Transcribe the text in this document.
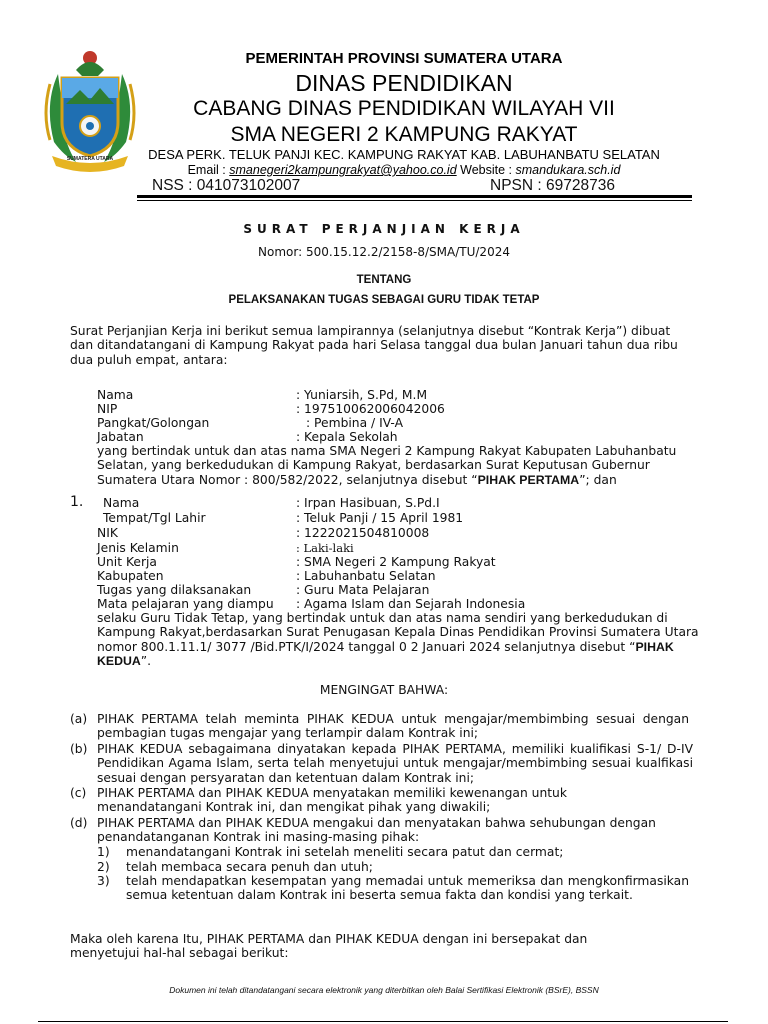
SUMATERA UTARA
PEMERINTAH PROVINSI SUMATERA UTARA
DINAS PENDIDIKAN
CABANG DINAS PENDIDIKAN WILAYAH VII
SMA NEGERI 2 KAMPUNG RAKYAT
DESA PERK. TELUK PANJI KEC. KAMPUNG RAKYAT KAB. LABUHANBATU SELATAN
Email : smanegeri2kampungrakyat@yahoo.co.id Website : smandukara.sch.id
NSS : 041073102007	NPSN : 69728736
SURAT PERJANJIAN KERJA
Nomor: 500.15.12.2/2158-8/SMA/TU/2024
TENTANG
PELAKSANAKAN TUGAS SEBAGAI GURU TIDAK TETAP
Surat Perjanjian Kerja ini berikut semua lampirannya (selanjutnya disebut “Kontrak Kerja”) dibuat dan ditandatangani di Kampung Rakyat pada hari Selasa tanggal dua bulan Januari tahun dua ribu dua puluh empat, antara:
Nama	: Yuniarsih, S.Pd, M.M
NIP	: 197510062006042006
Pangkat/Golongan	: Pembina / IV-A
Jabatan	: Kepala Sekolah
yang bertindak untuk dan atas nama SMA Negeri 2 Kampung Rakyat Kabupaten Labuhanbatu Selatan, yang berkedudukan di Kampung Rakyat, berdasarkan Surat Keputusan Gubernur Sumatera Utara Nomor : 800/582/2022, selanjutnya disebut “PIHAK PERTAMA”; dan
1. Nama	: Irpan Hasibuan, S.Pd.I
Tempat/Tgl Lahir	: Teluk Panji / 15 April 1981
NIK	: 1222021504810008
Jenis Kelamin	: Laki-laki
Unit Kerja	: SMA Negeri 2 Kampung Rakyat
Kabupaten	: Labuhanbatu Selatan
Tugas yang dilaksanakan	: Guru Mata Pelajaran
Mata pelajaran yang diampu : Agama Islam dan Sejarah Indonesia
selaku Guru Tidak Tetap, yang bertindak untuk dan atas nama sendiri yang berkedudukan di Kampung Rakyat,berdasarkan Surat Penugasan Kepala Dinas Pendidikan Provinsi Sumatera Utara nomor 800.1.11.1/ 3077 /Bid.PTK/I/2024 tanggal 0 2 Januari 2024 selanjutnya disebut “PIHAK KEDUA”.
MENGINGAT BAHWA:
(a) PIHAK PERTAMA telah meminta PIHAK KEDUA untuk mengajar/membimbing sesuai dengan pembagian tugas mengajar yang terlampir dalam Kontrak ini;
(b) PIHAK KEDUA sebagaimana dinyatakan kepada PIHAK PERTAMA, memiliki kualifikasi S-1/ D-IV Pendidikan Agama Islam, serta telah menyetujui untuk mengajar/membimbing sesuai kualfikasi sesuai dengan persyaratan dan ketentuan dalam Kontrak ini;
(c) PIHAK PERTAMA dan PIHAK KEDUA menyatakan memiliki kewenangan untuk menandatangani Kontrak ini, dan mengikat pihak yang diwakili;
(d) PIHAK PERTAMA dan PIHAK KEDUA mengakui dan menyatakan bahwa sehubungan dengan penandatanganan Kontrak ini masing-masing pihak:
1) menandatangani Kontrak ini setelah meneliti secara patut dan cermat;
2) telah membaca secara penuh dan utuh;
3) telah mendapatkan kesempatan yang memadai untuk memeriksa dan mengkonfirmasikan semua ketentuan dalam Kontrak ini beserta semua fakta dan kondisi yang terkait.
Maka oleh karena Itu, PIHAK PERTAMA dan PIHAK KEDUA dengan ini bersepakat dan menyetujui hal-hal sebagai berikut:
Dokumen ini telah ditandatangani secara elektronik yang diterbitkan oleh Balai Sertifikasi Elektronik (BSrE), BSSN
